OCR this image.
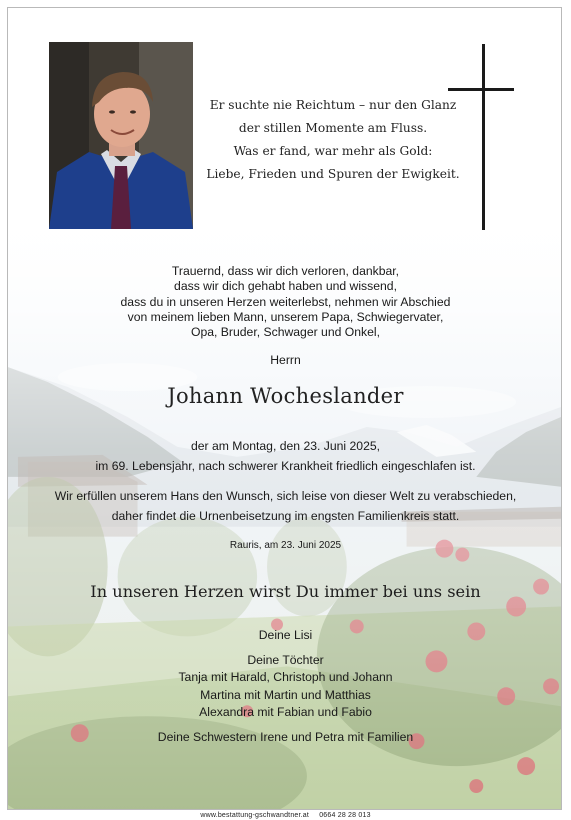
Er suchte nie Reichtum – nur den Glanz
der stillen Momente am Fluss.
Was er fand, war mehr als Gold:
Liebe, Frieden und Spuren der Ewigkeit.
Trauernd, dass wir dich verloren, dankbar,
dass wir dich gehabt haben und wissend,
dass du in unseren Herzen weiterlebst, nehmen wir Abschied
von meinem lieben Mann, unserem Papa, Schwiegervater,
Opa, Bruder, Schwager und Onkel,
Herrn
Johann Wocheslander
der am Montag, den 23. Juni 2025,
im 69. Lebensjahr, nach schwerer Krankheit friedlich eingeschlafen ist.
Wir erfüllen unserem Hans den Wunsch, sich leise von dieser Welt zu verabschieden,
daher findet die Urnenbeisetzung im engsten Familienkreis statt.
Rauris, am 23. Juni 2025
In unseren Herzen wirst Du immer bei uns sein
Deine Lisi
Deine Töchter
Tanja mit Harald, Christoph und Johann
Martina mit Martin und Matthias
Alexandra mit Fabian und Fabio
Deine Schwestern Irene und Petra mit Familien
www.bestattung-gschwandtner.at 0664 28 28 013
